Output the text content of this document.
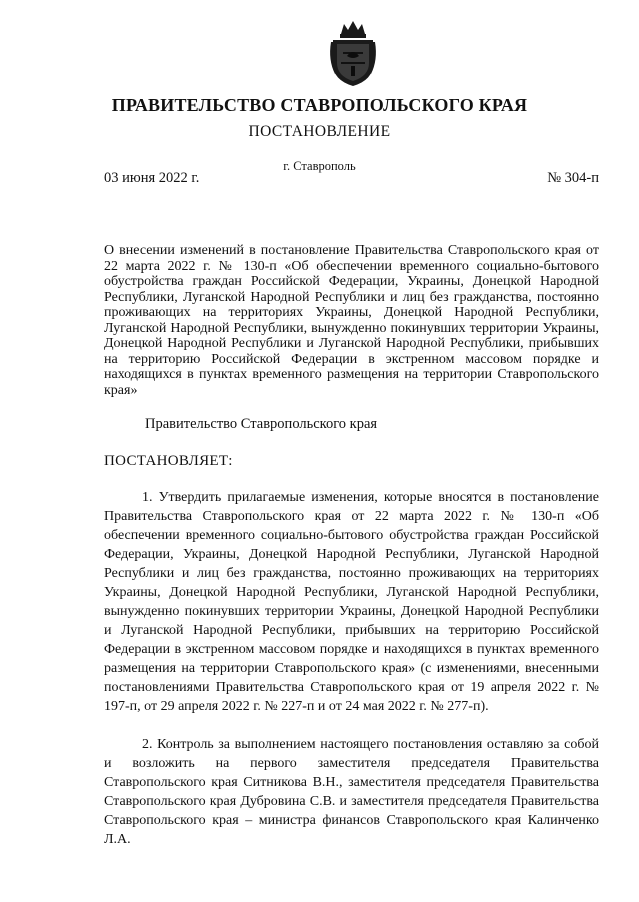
ПРАВИТЕЛЬСТВО СТАВРОПОЛЬСКОГО КРАЯ
ПОСТАНОВЛЕНИЕ
г. Ставрополь
03 июня 2022 г.	№ 304-п
О внесении изменений в постановление Правительства Ставропольского края от 22 марта 2022 г. № 130-п «Об обеспечении временного социально-бытового обустройства граждан Российской Федерации, Украины, Донецкой Народной Республики, Луганской Народной Республики и лиц без гражданства, постоянно проживающих на территориях Украины, Донецкой Народной Республики, Луганской Народной Республики, вынужденно покинувших территории Украины, Донецкой Народной Республики и Луганской Народной Республики, прибывших на территорию Российской Федерации в экстренном массовом порядке и находящихся в пунктах временного размещения на территории Ставропольского края»
Правительство Ставропольского края
ПОСТАНОВЛЯЕТ:

1. Утвердить прилагаемые изменения, которые вносятся в постановление Правительства Ставропольского края от 22 марта 2022 г. № 130-п «Об обеспечении временного социально-бытового обустройства граждан Российской Федерации, Украины, Донецкой Народной Республики, Луганской Народной Республики и лиц без гражданства, постоянно проживающих на территориях Украины, Донецкой Народной Республики, Луганской Народной Республики, вынужденно покинувших территории Украины, Донецкой Народной Республики и Луганской Народной Республики, прибывших на территорию Российской Федерации в экстренном массовом порядке и находящихся в пунктах временного размещения на территории Ставропольского края» (с изменениями, внесенными постановлениями Правительства Ставропольского края от 19 апреля 2022 г. № 197-п, от 29 апреля 2022 г. № 227-п и от 24 мая 2022 г. № 277-п).

2. Контроль за выполнением настоящего постановления оставляю за собой и возложить на первого заместителя председателя Правительства Ставропольского края Ситникова В.Н., заместителя председателя Правительства Ставропольского края Дубровина С.В. и заместителя председателя Правительства Ставропольского края – министра финансов Ставропольского края Калинченко Л.А.
